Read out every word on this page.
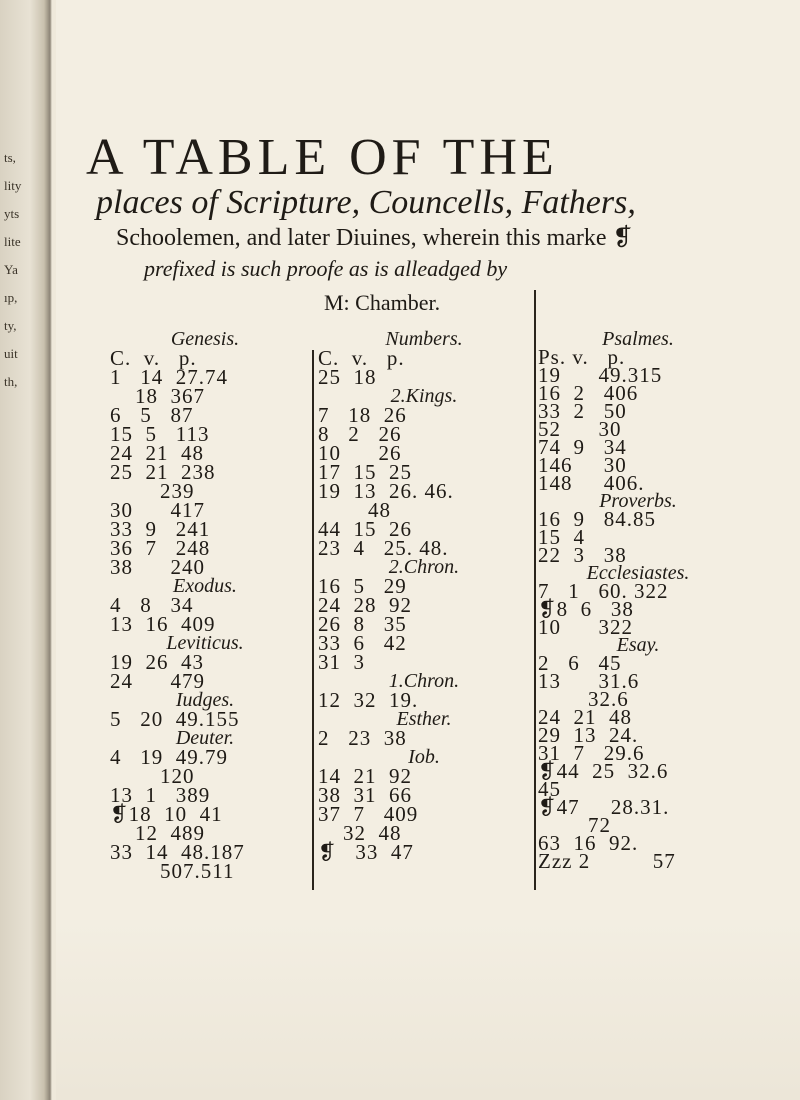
ts,
lity
yts
lite
Ya
ıp,
ty,
uit
th,
A TABLE OF THE

places of Scripture, Councells, Fathers,

Schoolemen, and later Diuines, wherein this marke ❡

prefixed is such proofe as is alleadged by

M: Chamber.

Genesis.
C.  v.   p.
1   14  27.74
18  367
6   5   87
15  5   113
24  21  48
25  21  238
239
30      417
33  9   241
36  7   248
38      240
Exodus.
4   8   34
13  16  409
Leviticus.
19  26  43
24      479
Iudges.
5   20  49.155
Deuter.
4   19  49.79
120
13  1   389
❡18  10  41
12  489
33  14  48.187
507.511
Numbers.
C.  v.   p.
25  18
2.Kings.
7   18  26
8   2   26
10      26
17  15  25
19  13  26. 46.
48
44  15  26
23  4   25. 48.
2.Chron.
16  5   29
24  28  92
26  8   35
33  6   42
31  3
1.Chron.
12  32  19.
Esther.
2   23  38
Iob.
14  21  92
38  31  66
37  7   409
32  48
❡   33  47
Psalmes.
Ps. v.   p.
19      49.315
16  2   406
33  2   50
52      30
74  9   34
146     30
148     406.
Proverbs.
16  9   84.85
15  4
22  3   38
Ecclesiastes.
7   1   60. 322
❡8  6   38
10      322
Esay.
2   6   45
13      31.6
32.6
24  21  48
29  13  24.
31  7   29.6
❡44  25  32.6
45
❡47     28.31.
72
63  16  92.
Zzz 2          57
